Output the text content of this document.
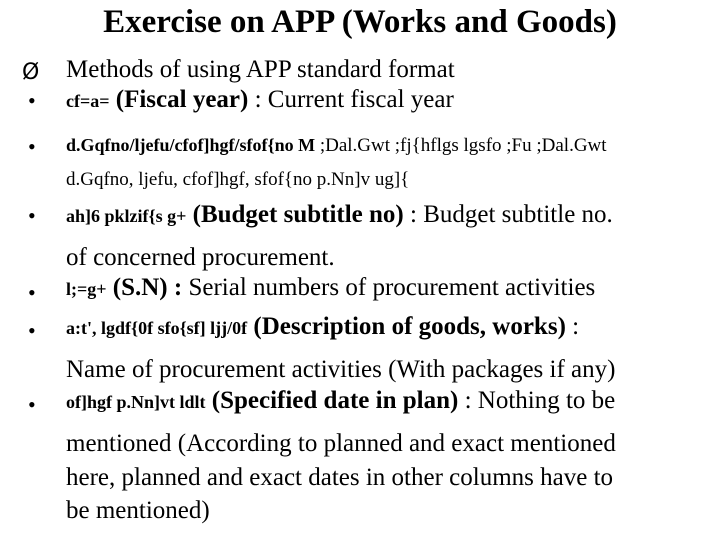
Exercise on APP (Works and Goods)
Ø Methods of using APP standard format
• cf=a= (Fiscal year) : Current fiscal year
• d.Gqfno/ljefu/cfof]hgf/sfof{no M ;Dal.Gwt ;fj{hflgs lgsfo ;Fu ;Dal.Gwt
d.Gqfno, ljefu, cfof]hgf, sfof{no p.Nn]v ug]{
• ah]6 pklzif{s g+ (Budget subtitle no) : Budget subtitle no.
of concerned procurement.
• l;=g+ (S.N) : Serial numbers of procurement activities
• a:t', lgdf{0f sfo{sf] ljj/0f (Description of goods, works) :
Name of procurement activities (With packages if any)
• of]hgf p.Nn]vt ldlt (Specified date in plan) : Nothing to be
mentioned (According to planned and exact mentioned
here, planned and exact dates in other columns have to
be mentioned)
